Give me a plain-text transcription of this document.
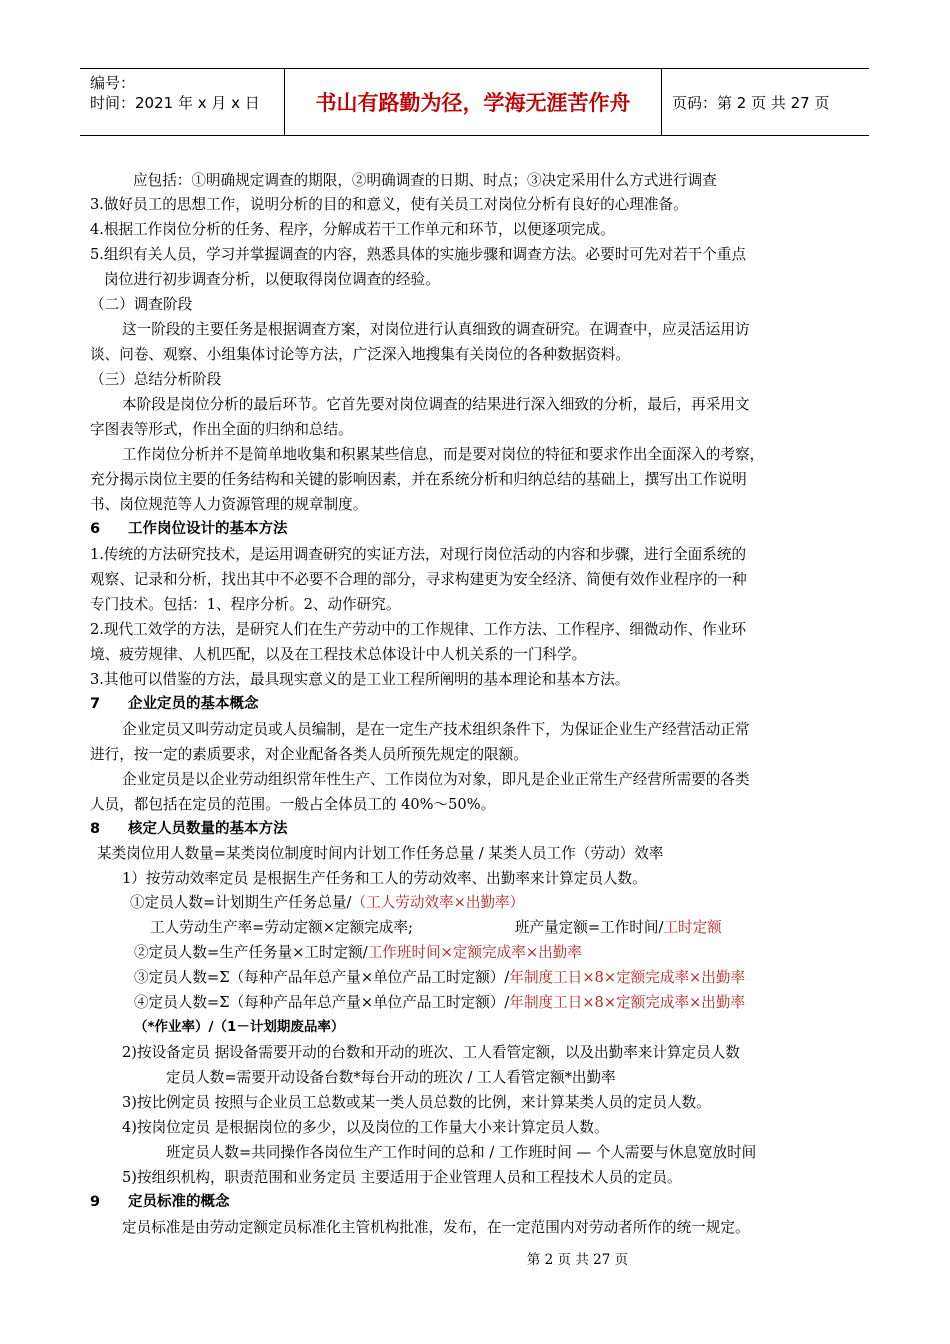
编号：
时间：2021 年 x 月 x 日	书山有路勤为径，学海无涯苦作舟	页码：第 2 页 共 27 页
应包括：①明确规定调查的期限，②明确调查的日期、时点；③决定采用什么方式进行调查
3.做好员工的思想工作，说明分析的目的和意义，使有关员工对岗位分析有良好的心理准备。
4.根据工作岗位分析的任务、程序，分解成若干工作单元和环节，以便逐项完成。
5.组织有关人员，学习并掌握调查的内容，熟悉具体的实施步骤和调查方法。必要时可先对若干个重点
岗位进行初步调查分析，以便取得岗位调查的经验。
（二）调查阶段
这一阶段的主要任务是根据调查方案，对岗位进行认真细致的调查研究。在调查中，应灵活运用访
谈、问卷、观察、小组集体讨论等方法，广泛深入地搜集有关岗位的各种数据资料。
（三）总结分析阶段
本阶段是岗位分析的最后环节。它首先要对岗位调查的结果进行深入细致的分析，最后，再采用文
字图表等形式，作出全面的归纳和总结。
工作岗位分析并不是简单地收集和积累某些信息，而是要对岗位的特征和要求作出全面深入的考察，
充分揭示岗位主要的任务结构和关键的影响因素，并在系统分析和归纳总结的基础上，撰写出工作说明
书、岗位规范等人力资源管理的规章制度。
6 工作岗位设计的基本方法
1.传统的方法研究技术，是运用调查研究的实证方法，对现行岗位活动的内容和步骤，进行全面系统的
观察、记录和分析，找出其中不必要不合理的部分，寻求构建更为安全经济、简便有效作业程序的一种
专门技术。包括：1、程序分析。2、动作研究。
2.现代工效学的方法，是研究人们在生产劳动中的工作规律、工作方法、工作程序、细微动作、作业环
境、疲劳规律、人机匹配，以及在工程技术总体设计中人机关系的一门科学。
3.其他可以借鉴的方法，最具现实意义的是工业工程所阐明的基本理论和基本方法。
7 企业定员的基本概念
企业定员又叫劳动定员或人员编制，是在一定生产技术组织条件下，为保证企业生产经营活动正常
进行，按一定的素质要求，对企业配备各类人员所预先规定的限额。
企业定员是以企业劳动组织常年性生产、工作岗位为对象，即凡是企业正常生产经营所需要的各类
人员，都包括在定员的范围。一般占全体员工的 40%～50%。
8 核定人员数量的基本方法
某类岗位用人数量=某类岗位制度时间内计划工作任务总量 / 某类人员工作（劳动）效率
1）按劳动效率定员 是根据生产任务和工人的劳动效率、出勤率来计算定员人数。
①定员人数=计划期生产任务总量/（工人劳动效率×出勤率）
工人劳动生产率=劳动定额×定额完成率;	班产量定额=工作时间/工时定额
②定员人数=生产任务量×工时定额/工作班时间×定额完成率×出勤率
③定员人数=Σ（每种产品年总产量×单位产品工时定额）/年制度工日×8×定额完成率×出勤率
④定员人数=Σ（每种产品年总产量×单位产品工时定额）/年制度工日×8×定额完成率×出勤率
（*作业率）/（1－计划期废品率）
2)按设备定员 据设备需要开动的台数和开动的班次、工人看管定额，以及出勤率来计算定员人数
定员人数=需要开动设备台数*每台开动的班次 / 工人看管定额*出勤率
3)按比例定员 按照与企业员工总数或某一类人员总数的比例，来计算某类人员的定员人数。
4)按岗位定员 是根据岗位的多少，以及岗位的工作量大小来计算定员人数。
班定员人数=共同操作各岗位生产工作时间的总和 / 工作班时间 — 个人需要与休息宽放时间
5)按组织机构，职责范围和业务定员 主要适用于企业管理人员和工程技术人员的定员。
9 定员标准的概念
定员标准是由劳动定额定员标准化主管机构批准，发布，在一定范围内对劳动者所作的统一规定。
第 2 页 共 27 页
